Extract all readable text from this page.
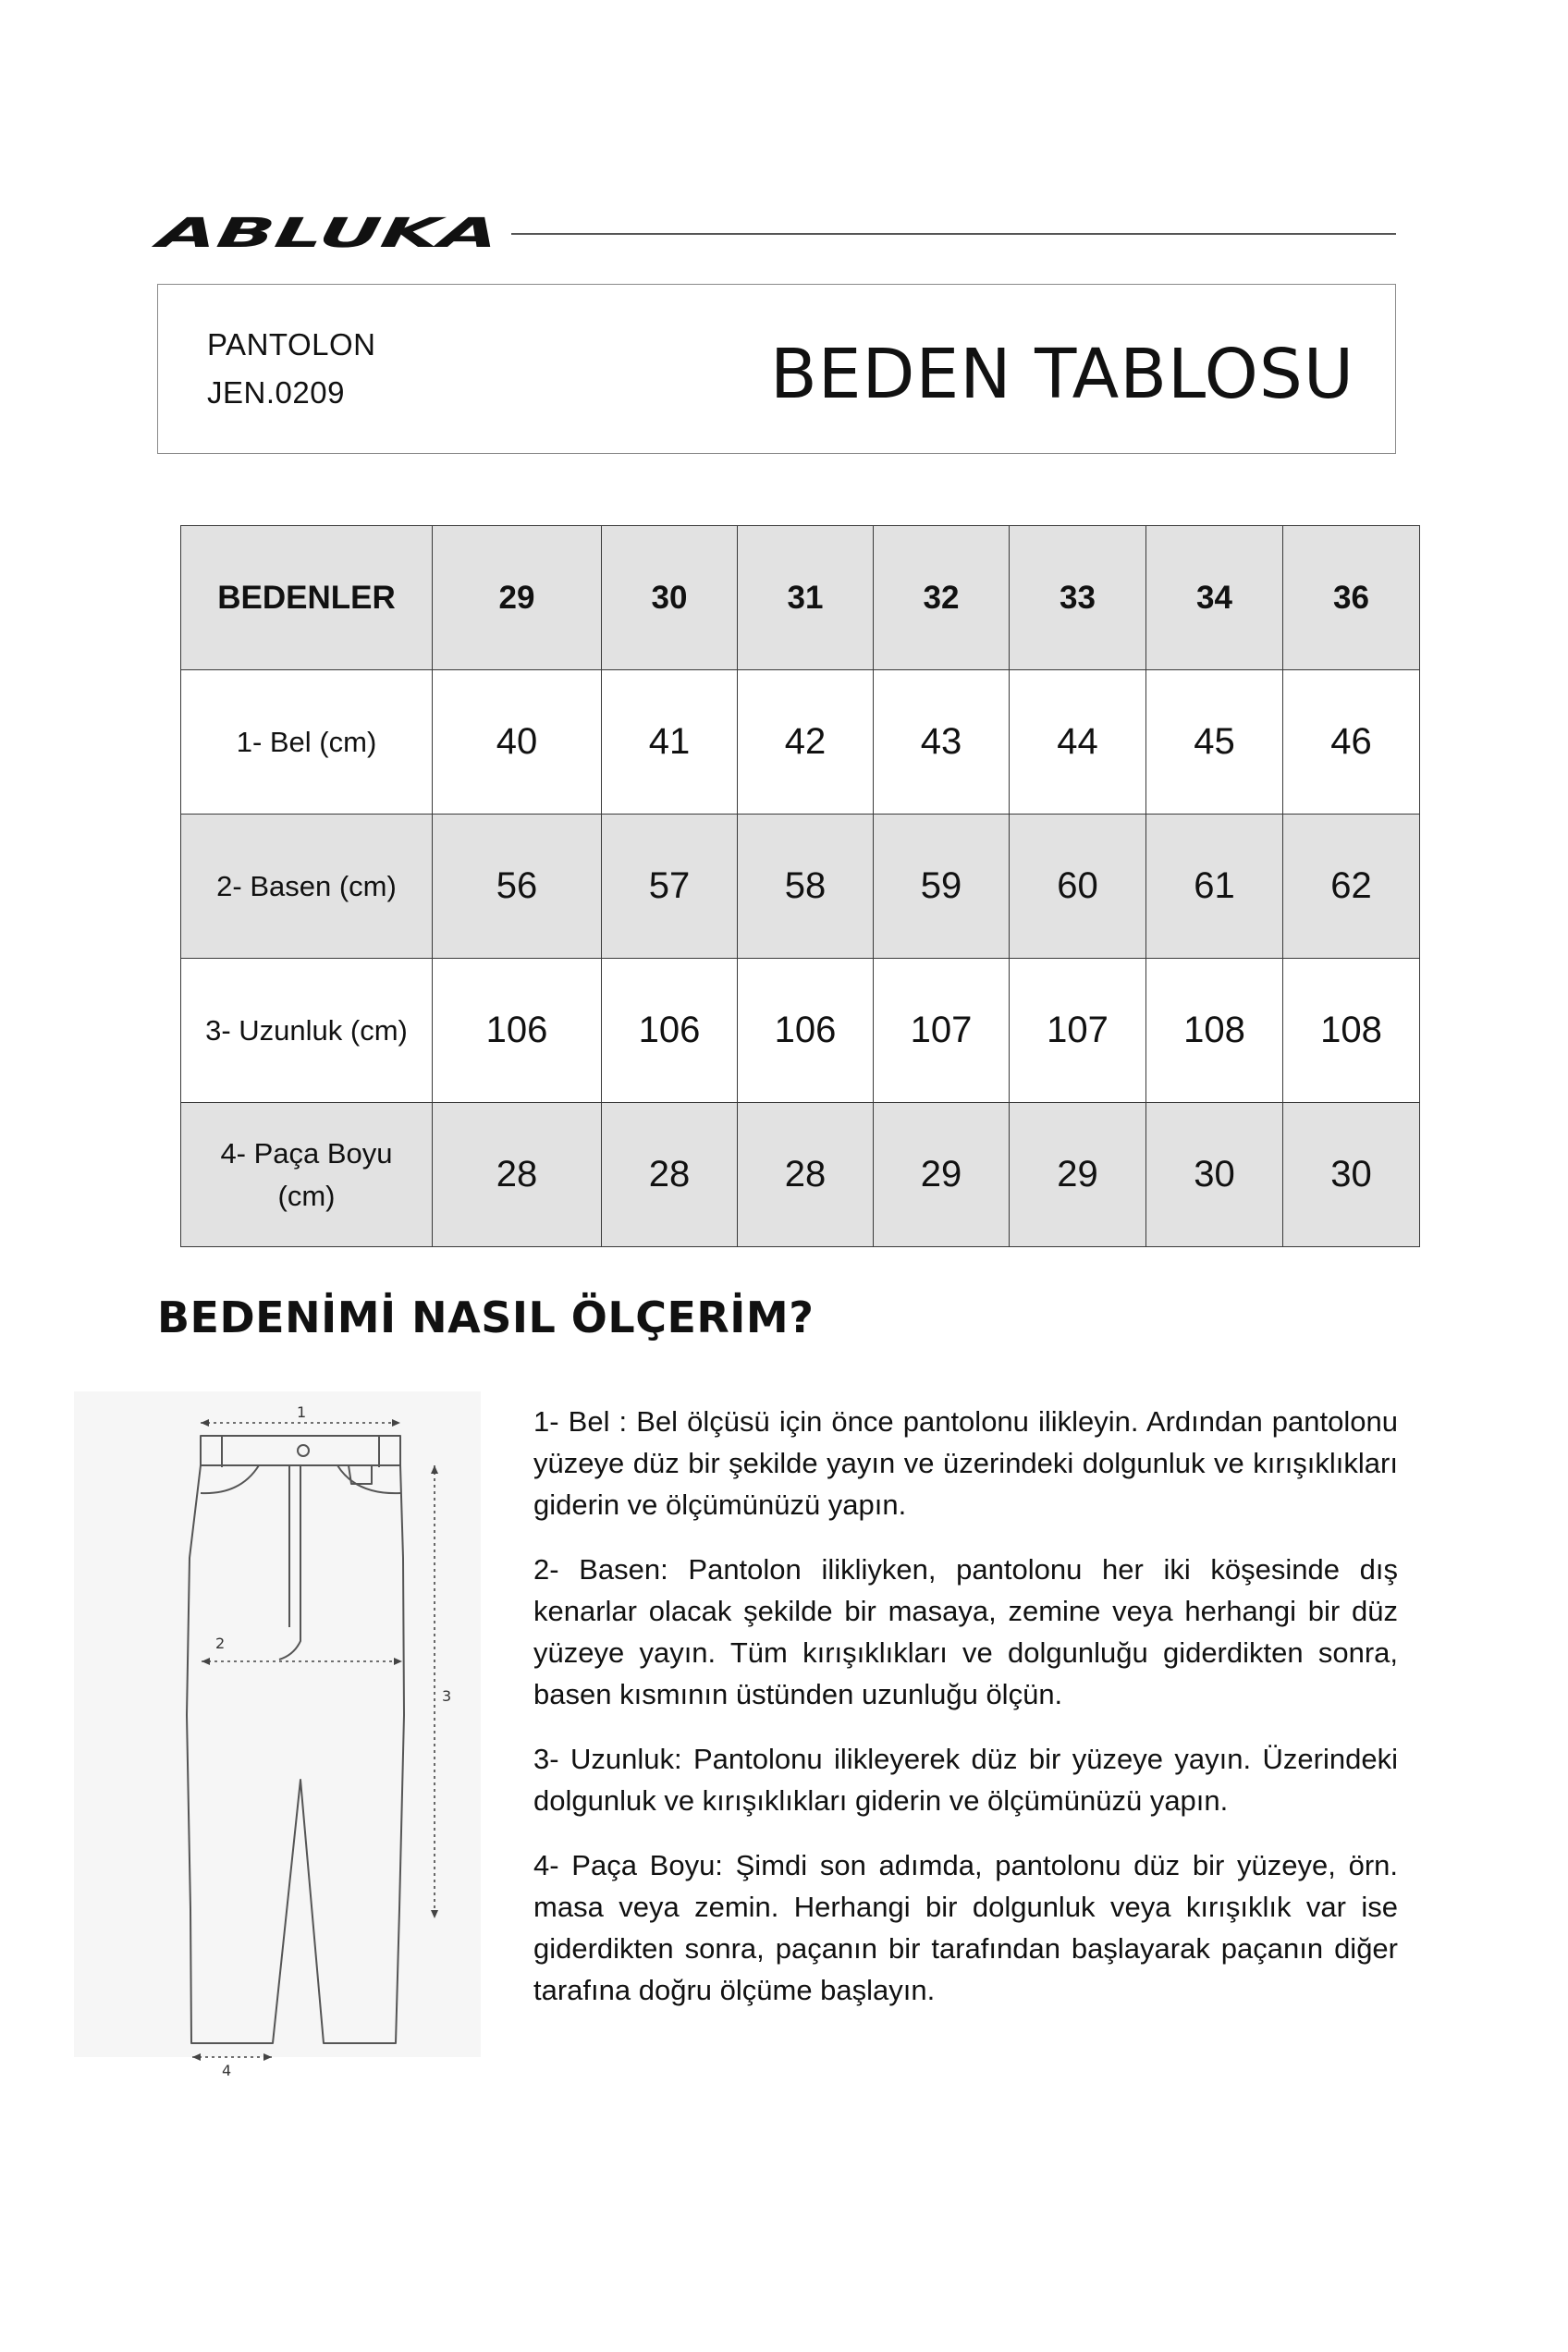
ABLUKA
PANTOLON
JEN.0209	BEDEN TABLOSU
BEDENLER	29	30	31	32	33	34	36
1- Bel (cm)	40	41	42	43	44	45	46
2- Basen (cm)	56	57	58	59	60	61	62
3- Uzunluk (cm)	106	106	106	107	107	108	108
4- Paça Boyu (cm)	28	28	28	29	29	30	30
BEDENİMİ NASIL ÖLÇERİM?
1
2
3
4

1- Bel : Bel ölçüsü için önce pantolonu ilikleyin. Ardından pantolonu yüzeye düz bir şekilde yayın ve üzerindeki dolgunluk ve kırışıklıkları giderin ve ölçümünüzü yapın.

2- Basen: Pantolon ilikliyken, pantolonu her iki köşesinde dış kenarlar olacak şekilde bir masaya, zemine veya herhangi bir düz yüzeye yayın. Tüm kırışıklıkları ve dolgunluğu giderdikten sonra, basen kısmının üstünden uzunluğu ölçün.

3- Uzunluk: Pantolonu ilikleyerek düz bir yüzeye yayın. Üzerindeki dolgunluk ve kırışıklıkları giderin ve ölçümünüzü yapın.

4- Paça Boyu: Şimdi son adımda, pantolonu düz bir yüzeye, örn. masa veya zemin. Herhangi bir dolgunluk veya kırışıklık var ise giderdikten sonra, paçanın bir tarafından başlayarak paçanın diğer tarafına doğru ölçüme başlayın.
